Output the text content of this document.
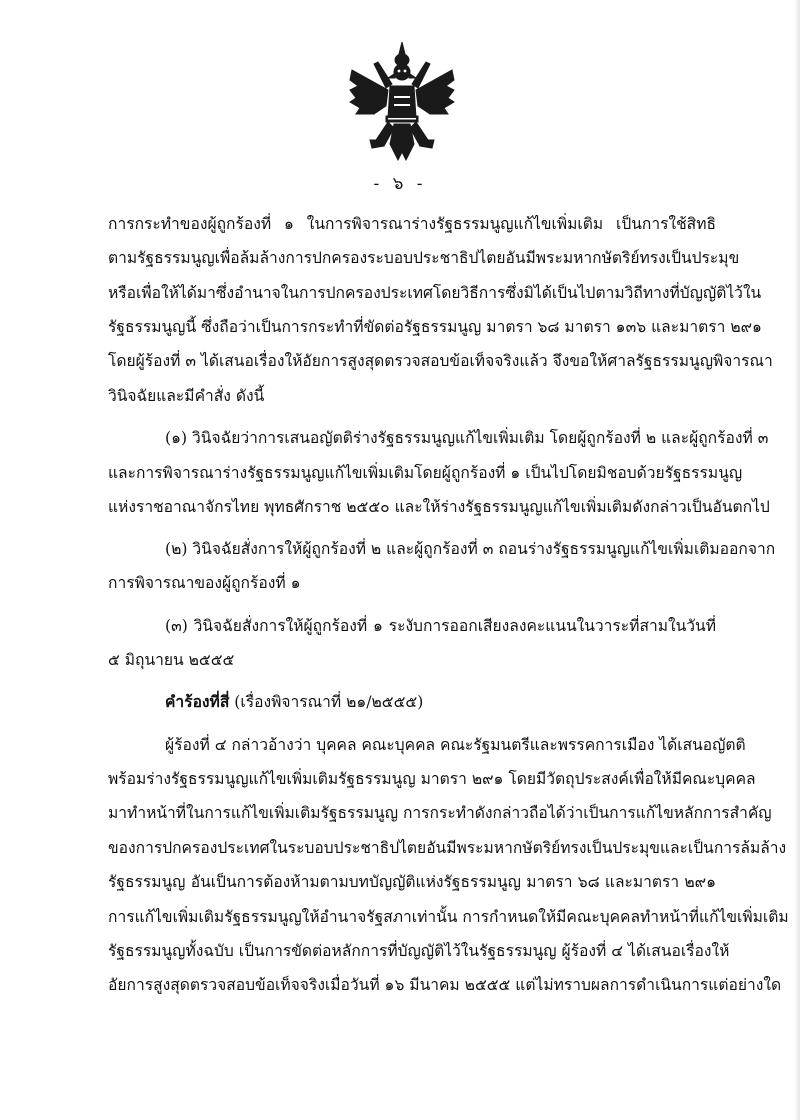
- ๖ -
การกระทำของผู้ถูกร้องที่ ๑ ในการพิจารณาร่างรัฐธรรมนูญแก้ไขเพิ่มเติม เป็นการใช้สิทธิ
ตามรัฐธรรมนูญเพื่อล้มล้างการปกครองระบอบประชาธิปไตยอันมีพระมหากษัตริย์ทรงเป็นประมุข
หรือเพื่อให้ได้มาซึ่งอำนาจในการปกครองประเทศโดยวิธีการซึ่งมิได้เป็นไปตามวิถีทางที่บัญญัติไว้ใน
รัฐธรรมนูญนี้ ซึ่งถือว่าเป็นการกระทำที่ขัดต่อรัฐธรรมนูญ มาตรา ๖๘ มาตรา ๑๓๖ และมาตรา ๒๙๑
โดยผู้ร้องที่ ๓ ได้เสนอเรื่องให้อัยการสูงสุดตรวจสอบข้อเท็จจริงแล้ว จึงขอให้ศาลรัฐธรรมนูญพิจารณา
วินิจฉัยและมีคำสั่ง ดังนี้
(๑) วินิจฉัยว่าการเสนอญัตติร่างรัฐธรรมนูญแก้ไขเพิ่มเติม โดยผู้ถูกร้องที่ ๒ และผู้ถูกร้องที่ ๓
และการพิจารณาร่างรัฐธรรมนูญแก้ไขเพิ่มเติมโดยผู้ถูกร้องที่ ๑ เป็นไปโดยมิชอบด้วยรัฐธรรมนูญ
แห่งราชอาณาจักรไทย พุทธศักราช ๒๕๕๐ และให้ร่างรัฐธรรมนูญแก้ไขเพิ่มเติมดังกล่าวเป็นอันตกไป
(๒) วินิจฉัยสั่งการให้ผู้ถูกร้องที่ ๒ และผู้ถูกร้องที่ ๓ ถอนร่างรัฐธรรมนูญแก้ไขเพิ่มเติมออกจาก
การพิจารณาของผู้ถูกร้องที่ ๑
(๓) วินิจฉัยสั่งการให้ผู้ถูกร้องที่ ๑ ระงับการออกเสียงลงคะแนนในวาระที่สามในวันที่
๕ มิถุนายน ๒๕๕๕
คำร้องที่สี่ (เรื่องพิจารณาที่ ๒๑/๒๕๕๕)
ผู้ร้องที่ ๔ กล่าวอ้างว่า บุคคล คณะบุคคล คณะรัฐมนตรีและพรรคการเมือง ได้เสนอญัตติ
พร้อมร่างรัฐธรรมนูญแก้ไขเพิ่มเติมรัฐธรรมนูญ มาตรา ๒๙๑ โดยมีวัตถุประสงค์เพื่อให้มีคณะบุคคล
มาทำหน้าที่ในการแก้ไขเพิ่มเติมรัฐธรรมนูญ การกระทำดังกล่าวถือได้ว่าเป็นการแก้ไขหลักการสำคัญ
ของการปกครองประเทศในระบอบประชาธิปไตยอันมีพระมหากษัตริย์ทรงเป็นประมุขและเป็นการล้มล้าง
รัฐธรรมนูญ อันเป็นการต้องห้ามตามบทบัญญัติแห่งรัฐธรรมนูญ มาตรา ๖๘ และมาตรา ๒๙๑
การแก้ไขเพิ่มเติมรัฐธรรมนูญให้อำนาจรัฐสภาเท่านั้น การกำหนดให้มีคณะบุคคลทำหน้าที่แก้ไขเพิ่มเติม
รัฐธรรมนูญทั้งฉบับ เป็นการขัดต่อหลักการที่บัญญัติไว้ในรัฐธรรมนูญ ผู้ร้องที่ ๔ ได้เสนอเรื่องให้
อัยการสูงสุดตรวจสอบข้อเท็จจริงเมื่อวันที่ ๑๖ มีนาคม ๒๕๕๕ แต่ไม่ทราบผลการดำเนินการแต่อย่างใด
